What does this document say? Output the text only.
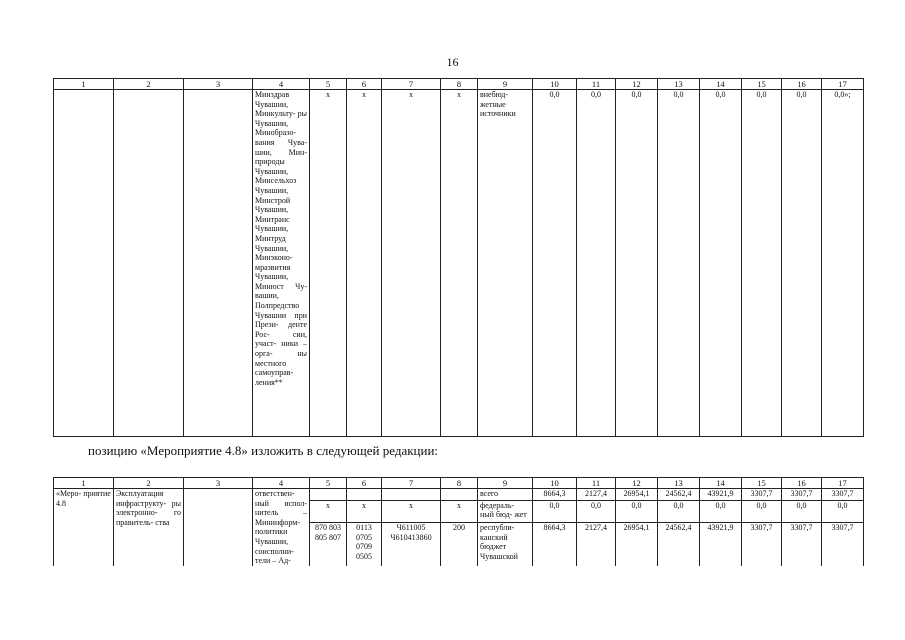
16
1	2	3	4	5	6	7	8	9	10	11	12	13	14	15	16	17
			Минздрав Чувашии, Минкульту- ры Чувашии, Минобразо- вания Чува- шии, Мин- природы Чувашии, Минсельхоз Чувашии, Минстрой Чувашии, Минтранс Чувашии, Минтруд Чувашии, Минэконо- мразвития Чувашии, Минюст Чу- вашии, Полпредство Чувашии при Прези- денте Рос- сии, участ- ники – орга- ны местного самоуправ- ления**	x	x	x	x	внебюд- жетные источники	0,0	0,0	0,0	0,0	0,0	0,0	0,0	0,0»;
позицию «Мероприятие 4.8» изложить в следующей редакции:
1	2	3	4	5	6	7	8	9	10	11	12	13	14	15	16	17
«Меро- приятие 4.8	Эксплуатация инфраструкту- ры электронно- го правитель- ства		ответствен- ный испол- нитель – Мининформ- политики Чувашии, соисполни- тели – Ад-					всего	8664,3	2127,4	26954,1	24562,4	43921,9	3307,7	3307,7	3307,7
				x	x	x	x	федераль- ный бюд- жет	0,0	0,0	0,0	0,0	0,0	0,0	0,0	0,0
				870 803 805 807	0113 0705 0709 0505	Ч611005 Ч610413860	200	республи- канский бюджет Чувашской	8664,3	2127,4	26954,1	24562,4	43921,9	3307,7	3307,7	3307,7
